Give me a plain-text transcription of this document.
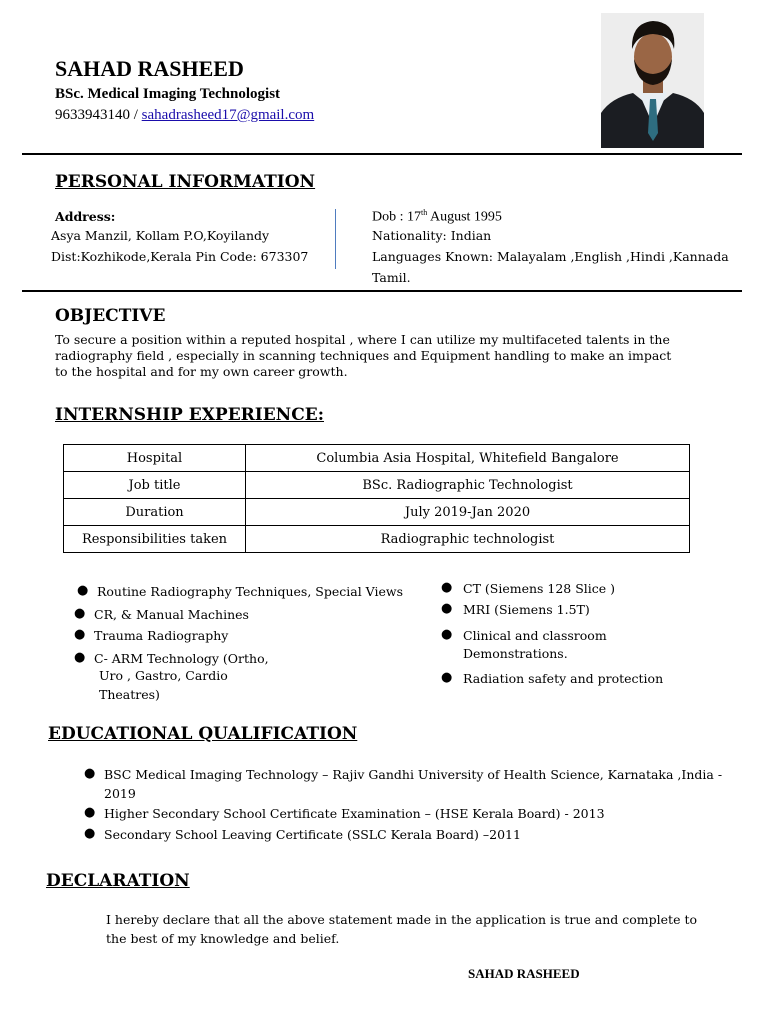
SAHAD RASHEED
BSc. Medical Imaging Technologist
9633943140 / sahadrasheed17@gmail.com
PERSONAL INFORMATION
Address:
Asya Manzil, Kollam P.O,Koyilandy
Dist:Kozhikode,Kerala Pin Code: 673307
Dob : 17th August 1995
Nationality: Indian
Languages Known: Malayalam ,English ,Hindi ,Kannada
Tamil.
OBJECTIVE
To secure a position within a reputed hospital , where I can utilize my multifaceted talents in the
radiography field , especially in scanning techniques and Equipment handling to make an impact
to the hospital and for my own career growth.
INTERNSHIP EXPERIENCE:
Hospital	Columbia Asia Hospital, Whitefield Bangalore
Job title	BSc. Radiographic Technologist
Duration	July 2019-Jan 2020
Responsibilities taken	Radiographic technologist
● Routine Radiography Techniques, Special Views
● CR, & Manual Machines
● Trauma Radiography
● C- ARM Technology (Ortho,
Uro , Gastro, Cardio
Theatres)
● CT (Siemens 128 Slice )
● MRI (Siemens 1.5T)
● Clinical and classroom
Demonstrations.
● Radiation safety and protection
EDUCATIONAL QUALIFICATION
● BSC Medical Imaging Technology – Rajiv Gandhi University of Health Science, Karnataka ,India -
2019
● Higher Secondary School Certificate Examination – (HSE Kerala Board) - 2013
● Secondary School Leaving Certificate (SSLC Kerala Board) –2011
DECLARATION
I hereby declare that all the above statement made in the application is true and complete to
the best of my knowledge and belief.
SAHAD RASHEED
